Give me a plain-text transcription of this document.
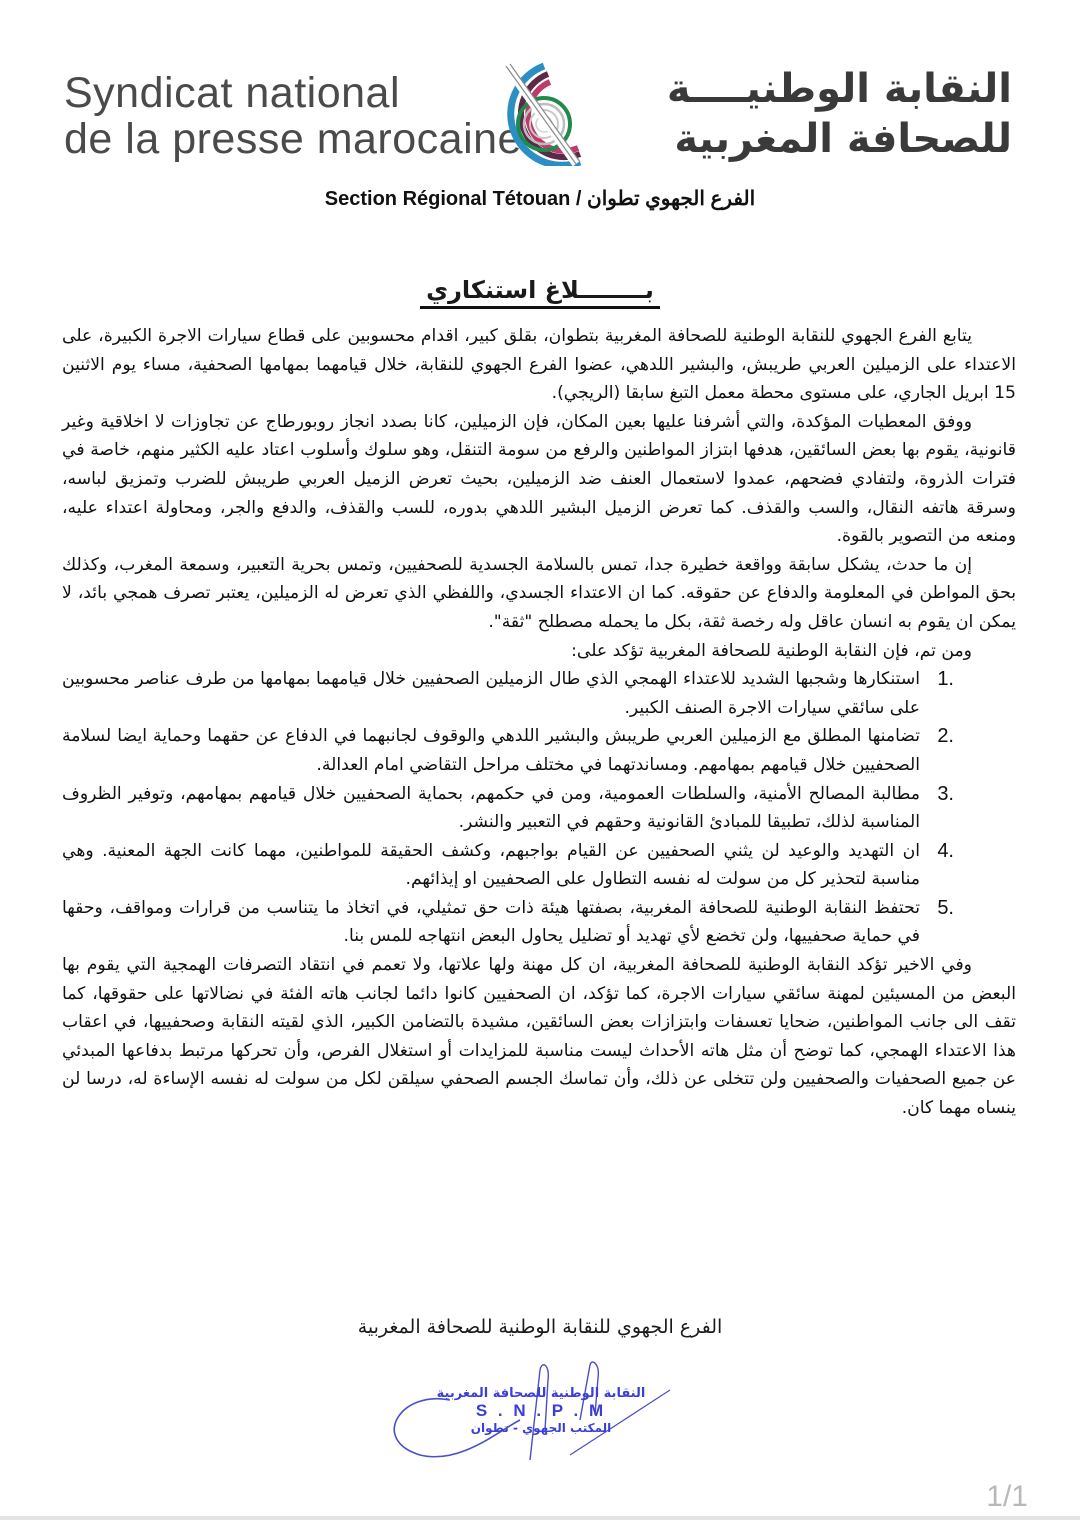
Syndicat national
de la presse marocaine
النقابة الوطنيــــة
للصحافة المغربية
Section Régional Tétouan / الفرع الجهوي تطوان
بــــــــلاغ استنكاري

يتابع الفرع الجهوي للنقابة الوطنية للصحافة المغربية بتطوان، بقلق كبير، اقدام محسوبين على قطاع سيارات الاجرة الكبيرة، على الاعتداء على الزميلين العربي طريبش، والبشير اللدهي، عضوا الفرع الجهوي للنقابة، خلال قيامهما بمهامها الصحفية، مساء يوم الاثنين 15 ابريل الجاري، على مستوى محطة معمل التبغ سابقا (الريجي).

ووفق المعطيات المؤكدة، والتي أشرفنا عليها بعين المكان، فإن الزميلين، كانا بصدد انجاز روبورطاج عن تجاوزات لا اخلاقية وغير قانونية، يقوم بها بعض السائقين، هدفها ابتزاز المواطنين والرفع من سومة التنقل، وهو سلوك وأسلوب اعتاد عليه الكثير منهم، خاصة في فترات الذروة، ولتفادي فضحهم، عمدوا لاستعمال العنف ضد الزميلين، بحيث تعرض الزميل العربي طريبش للضرب وتمزيق لباسه، وسرقة هاتفه النقال، والسب والقذف. كما تعرض الزميل البشير اللدهي بدوره، للسب والقذف، والدفع والجر، ومحاولة اعتداء عليه، ومنعه من التصوير بالقوة.

إن ما حدث، يشكل سابقة وواقعة خطيرة جدا، تمس بالسلامة الجسدية للصحفيين، وتمس بحرية التعبير، وسمعة المغرب، وكذلك بحق المواطن في المعلومة والدفاع عن حقوقه. كما ان الاعتداء الجسدي، واللفظي الذي تعرض له الزميلين، يعتبر تصرف همجي بائد، لا يمكن ان يقوم به انسان عاقل وله رخصة ثقة، بكل ما يحمله مصطلح "ثقة".

ومن تم، فإن النقابة الوطنية للصحافة المغربية تؤكد على:

1.
استنكارها وشجبها الشديد للاعتداء الهمجي الذي طال الزميلين الصحفيين خلال قيامهما بمهامها من طرف عناصر محسوبين على سائقي سيارات الاجرة الصنف الكبير.
2.
تضامنها المطلق مع الزميلين العربي طريبش والبشير اللدهي والوقوف لجانبهما في الدفاع عن حقهما وحماية ايضا لسلامة الصحفيين خلال قيامهم بمهامهم. ومساندتهما في مختلف مراحل التقاضي امام العدالة.
3.
مطالبة المصالح الأمنية، والسلطات العمومية، ومن في حكمهم، بحماية الصحفيين خلال قيامهم بمهامهم، وتوفير الظروف المناسبة لذلك، تطبيقا للمبادئ القانونية وحقهم في التعبير والنشر.
4.
ان التهديد والوعيد لن يثني الصحفيين عن القيام بواجبهم، وكشف الحقيقة للمواطنين، مهما كانت الجهة المعنية. وهي مناسبة لتحذير كل من سولت له نفسه التطاول على الصحفيين او إيذائهم.
5.
تحتفظ النقابة الوطنية للصحافة المغربية، بصفتها هيئة ذات حق تمثيلي، في اتخاذ ما يتناسب من قرارات ومواقف، وحقها في حماية صحفييها، ولن تخضع لأي تهديد أو تضليل يحاول البعض انتهاجه للمس بنا.

وفي الاخير تؤكد النقابة الوطنية للصحافة المغربية، ان كل مهنة ولها علاتها، ولا تعمم في انتقاد التصرفات الهمجية التي يقوم بها البعض من المسيئين لمهنة سائقي سيارات الاجرة، كما تؤكد، ان الصحفيين كانوا دائما لجانب هاته الفئة في نضالاتها على حقوقها، كما تقف الى جانب المواطنين، ضحايا تعسفات وابتزازات بعض السائقين، مشيدة بالتضامن الكبير، الذي لقيته النقابة وصحفييها، في اعقاب هذا الاعتداء الهمجي، كما توضح أن مثل هاته الأحداث ليست مناسبة للمزايدات أو استغلال الفرص، وأن تحركها مرتبط بدفاعها المبدئي عن جميع الصحفيات والصحفيين ولن تتخلى عن ذلك، وأن تماسك الجسم الصحفي سيلقن لكل من سولت له نفسه الإساءة له، درسا لن ينساه مهما كان.

الفرع الجهوي للنقابة الوطنية للصحافة المغربية
النقابة الوطنية للصحافة المغربية
S . N . P . M
المكتب الجهوي - تطوان
1/1
